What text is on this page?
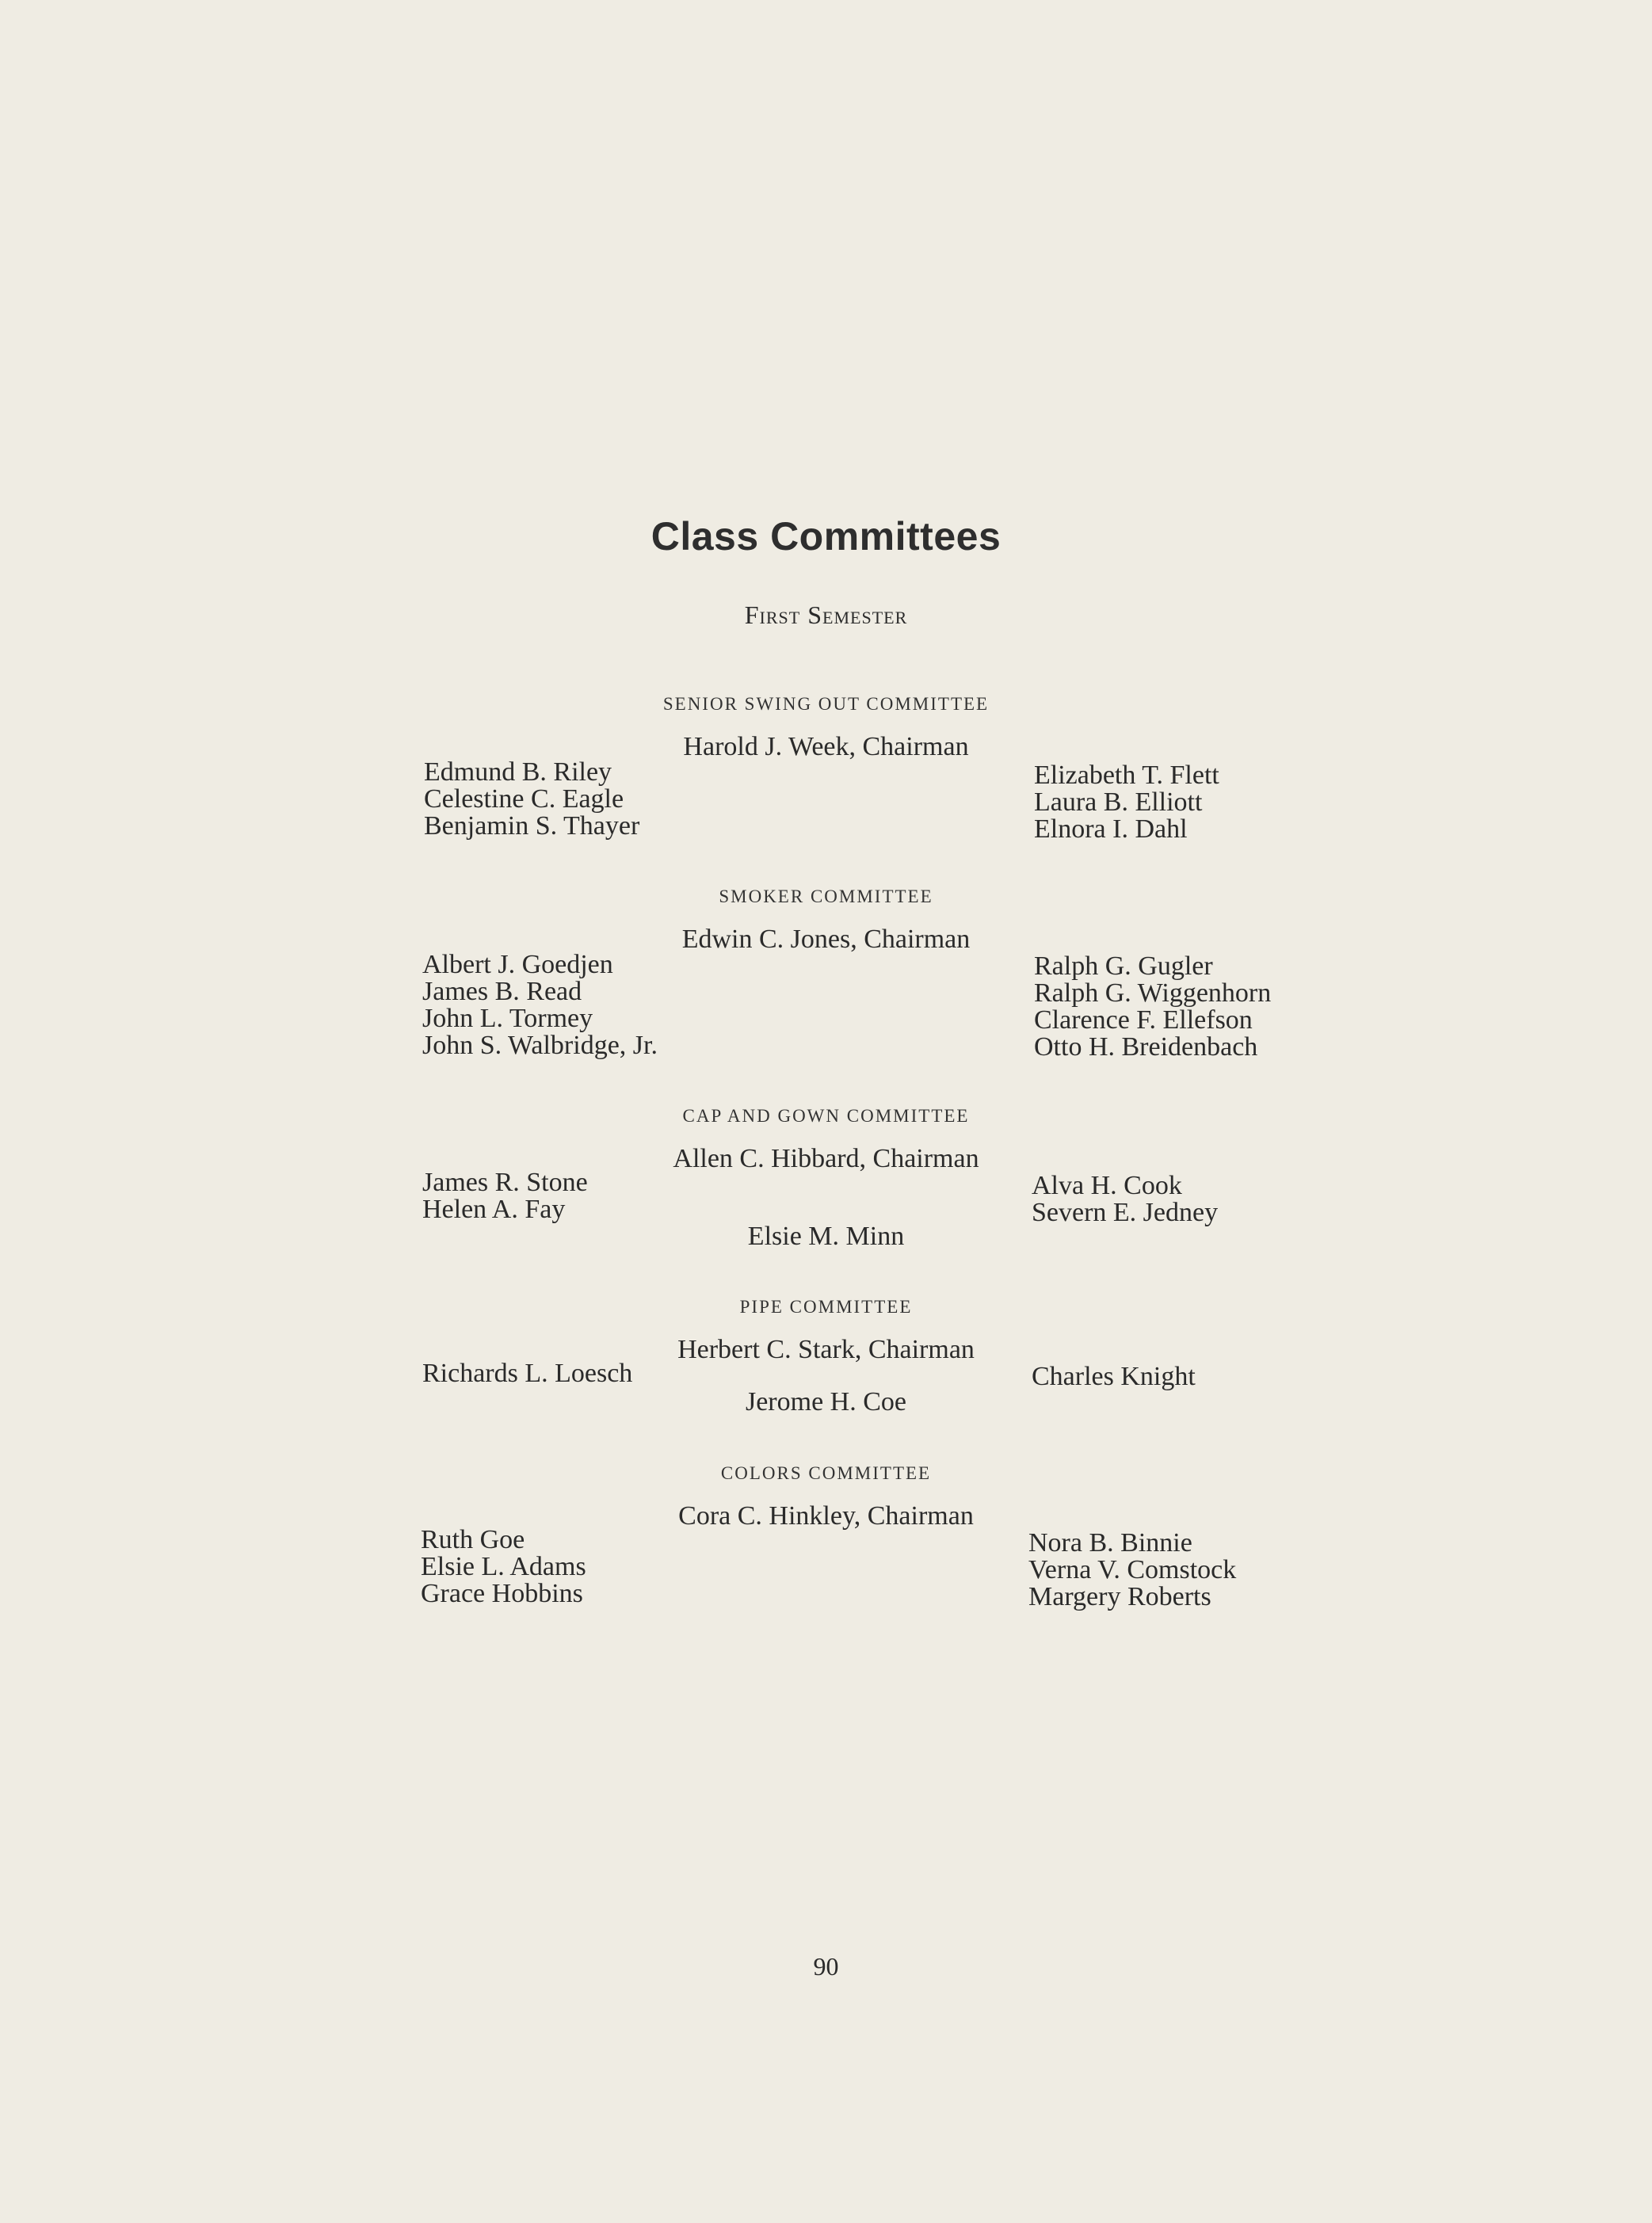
Class Committees
First Semester
SENIOR SWING OUT COMMITTEE
Harold J. Week, Chairman
Edmund B. Riley
Celestine C. Eagle
Benjamin S. Thayer
Elizabeth T. Flett
Laura B. Elliott
Elnora I. Dahl
SMOKER COMMITTEE
Edwin C. Jones, Chairman
Albert J. Goedjen
James B. Read
John L. Tormey
John S. Walbridge, Jr.
Ralph G. Gugler
Ralph G. Wiggenhorn
Clarence F. Ellefson
Otto H. Breidenbach
CAP AND GOWN COMMITTEE
Allen C. Hibbard, Chairman
James R. Stone
Helen A. Fay
Alva H. Cook
Severn E. Jedney
Elsie M. Minn
PIPE COMMITTEE
Herbert C. Stark, Chairman
Richards L. Loesch	Charles Knight
Jerome H. Coe
COLORS COMMITTEE
Cora C. Hinkley, Chairman
Ruth Goe
Elsie L. Adams
Grace Hobbins
Nora B. Binnie
Verna V. Comstock
Margery Roberts
90
